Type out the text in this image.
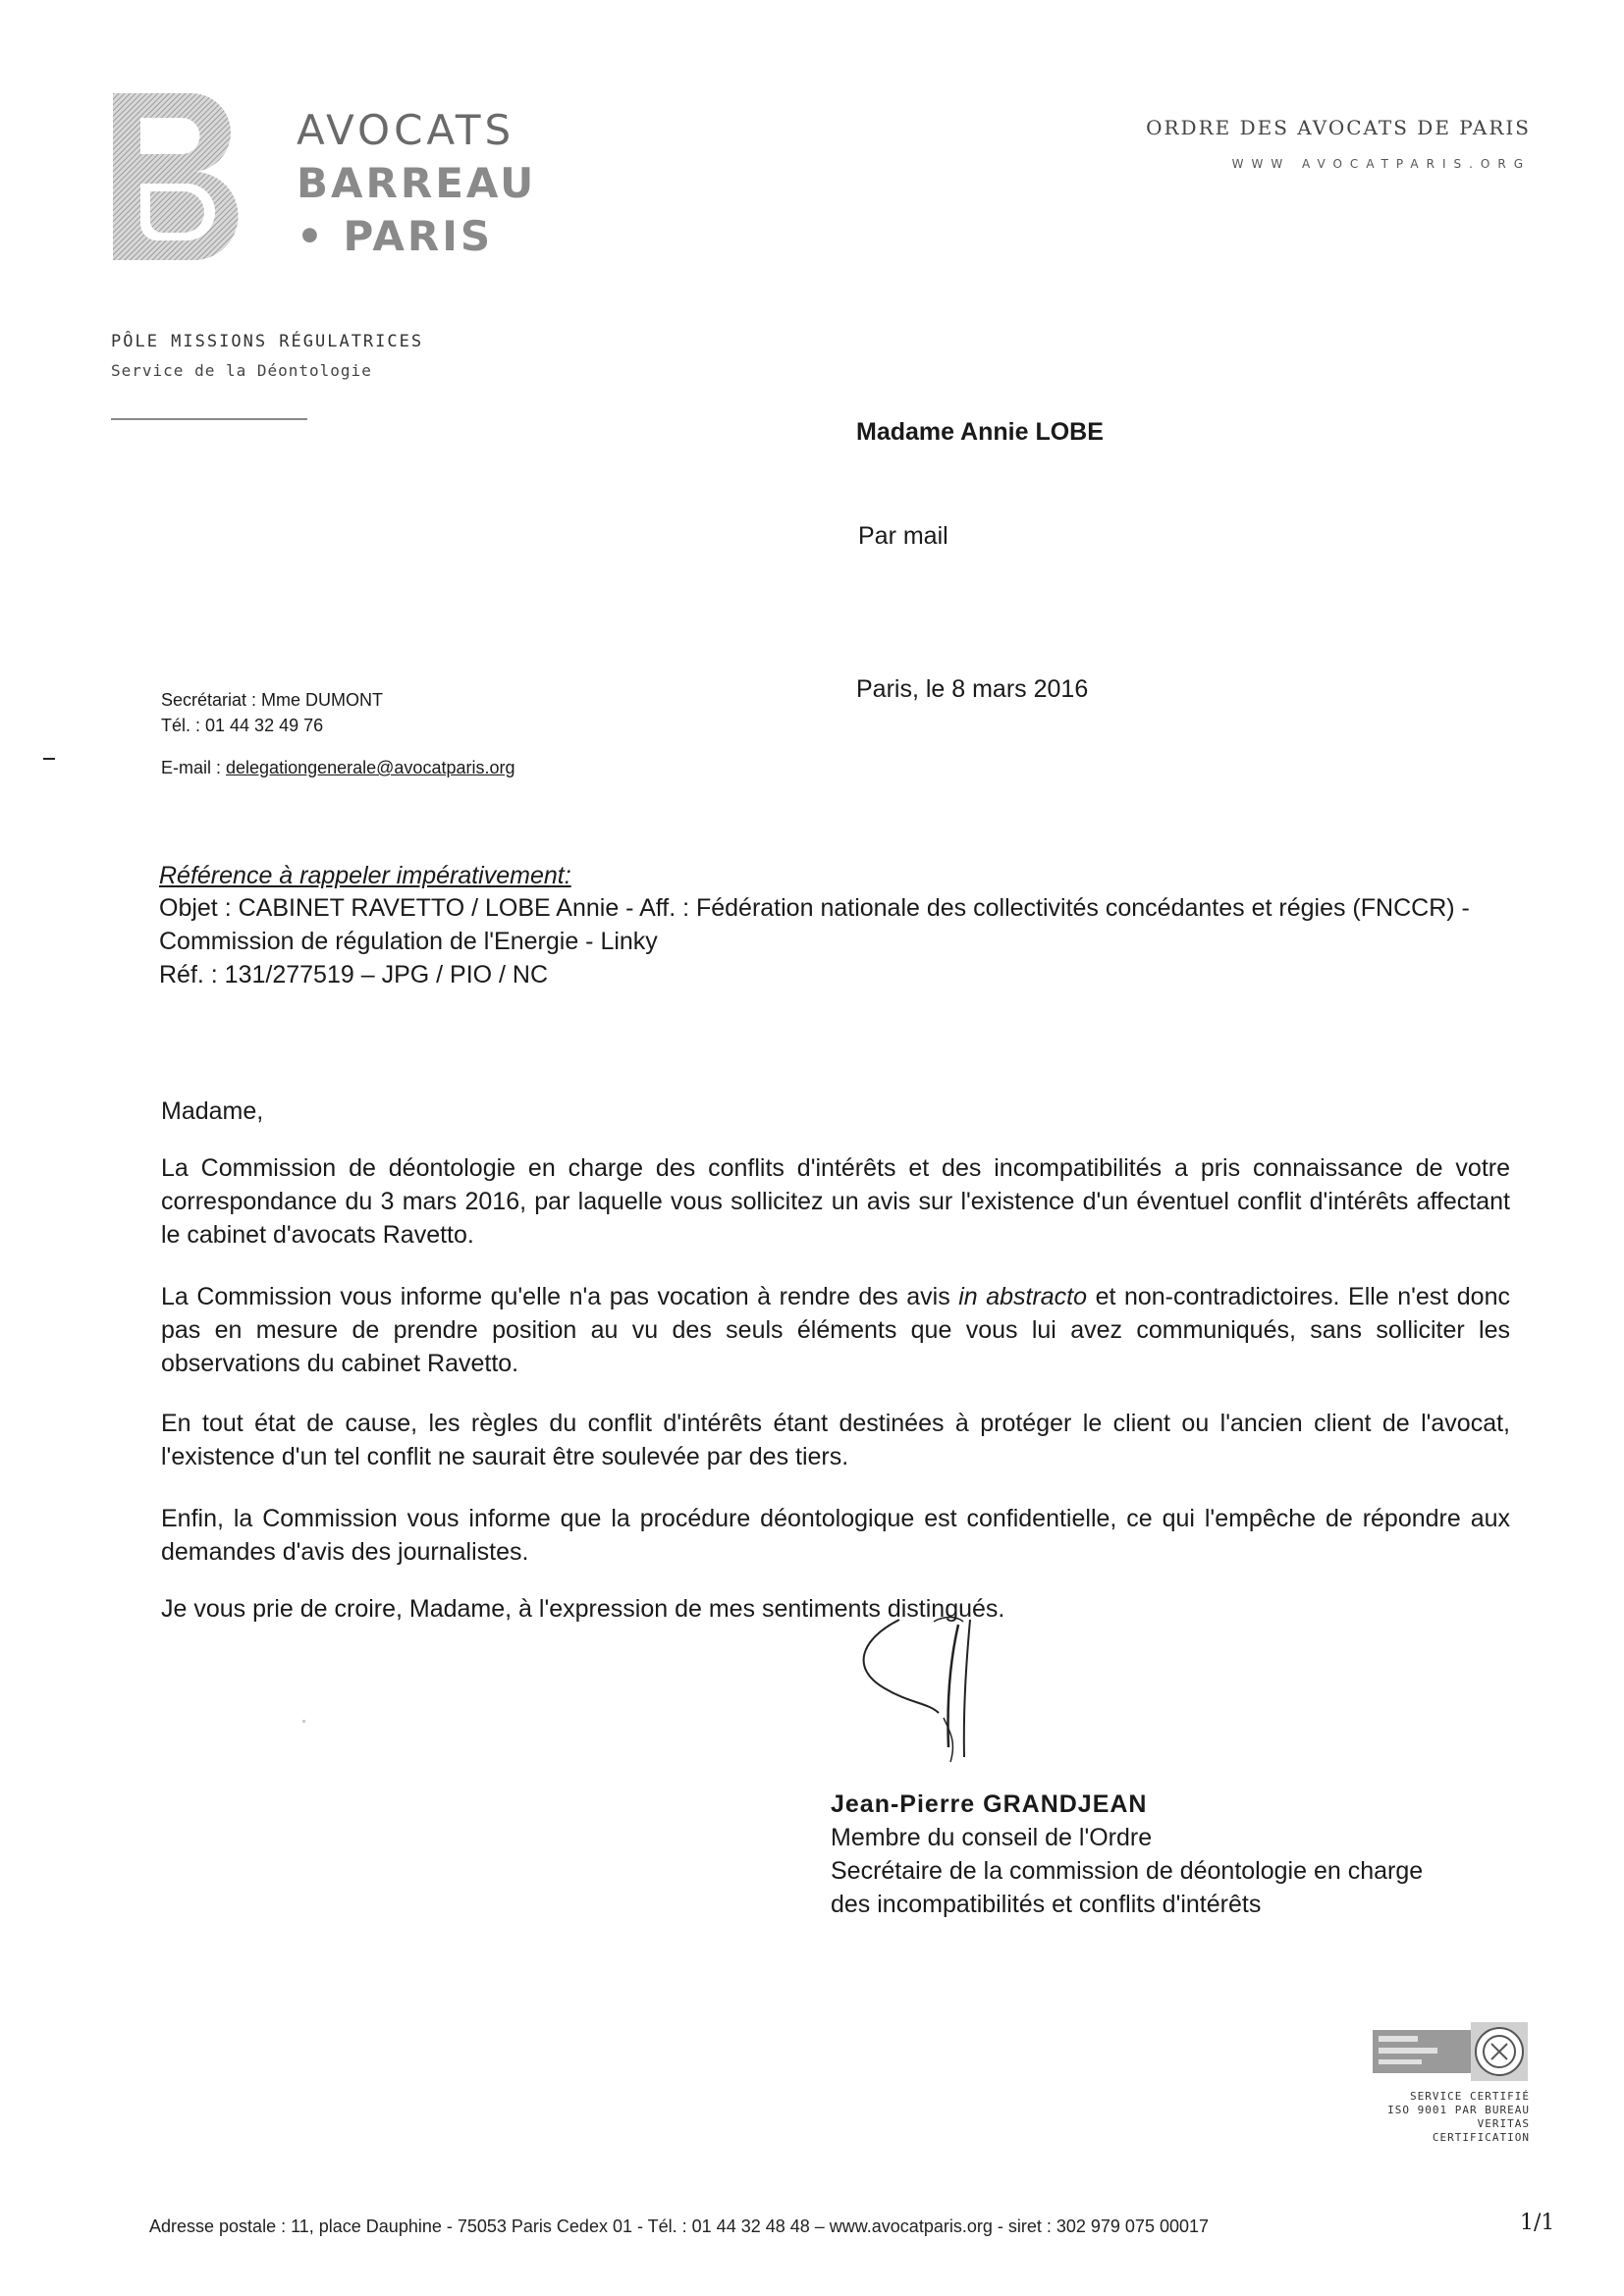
AVOCATS
BARREAU
• PARIS
ORDRE DES AVOCATS DE PARIS
WWW AVOCATPARIS.ORG
PÔLE MISSIONS RÉGULATRICES
Service de la Déontologie
Madame Annie LOBE
Par mail
Paris, le 8 mars 2016
Secrétariat : Mme DUMONT
Tél. : 01 44 32 49 76
E-mail : delegationgenerale@avocatparis.org
Référence à rappeler impérativement:
Objet : CABINET RAVETTO / LOBE Annie - Aff. : Fédération nationale des collectivités concédantes et régies (FNCCR) - Commission de régulation de l'Energie - Linky
Réf. : 131/277519 – JPG / PIO / NC
Madame,
La Commission de déontologie en charge des conflits d'intérêts et des incompatibilités a pris connaissance de votre correspondance du 3 mars 2016, par laquelle vous sollicitez un avis sur l'existence d'un éventuel conflit d'intérêts affectant le cabinet d'avocats Ravetto.
La Commission vous informe qu'elle n'a pas vocation à rendre des avis in abstracto et non-contradictoires. Elle n'est donc pas en mesure de prendre position au vu des seuls éléments que vous lui avez communiqués, sans solliciter les observations du cabinet Ravetto.
En tout état de cause, les règles du conflit d'intérêts étant destinées à protéger le client ou l'ancien client de l'avocat, l'existence d'un tel conflit ne saurait être soulevée par des tiers.
Enfin, la Commission vous informe que la procédure déontologique est confidentielle, ce qui l'empêche de répondre aux demandes d'avis des journalistes.
Je vous prie de croire, Madame, à l'expression de mes sentiments distingués.
Jean-Pierre GRANDJEAN
Membre du conseil de l'Ordre
Secrétaire de la commission de déontologie en charge
des incompatibilités et conflits d'intérêts
SERVICE CERTIFIÉ
ISO 9001 PAR BUREAU
VERITAS CERTIFICATION
Adresse postale : 11, place Dauphine - 75053 Paris Cedex 01 - Tél. : 01 44 32 48 48 – www.avocatparis.org - siret : 302 979 075 00017	1/1
